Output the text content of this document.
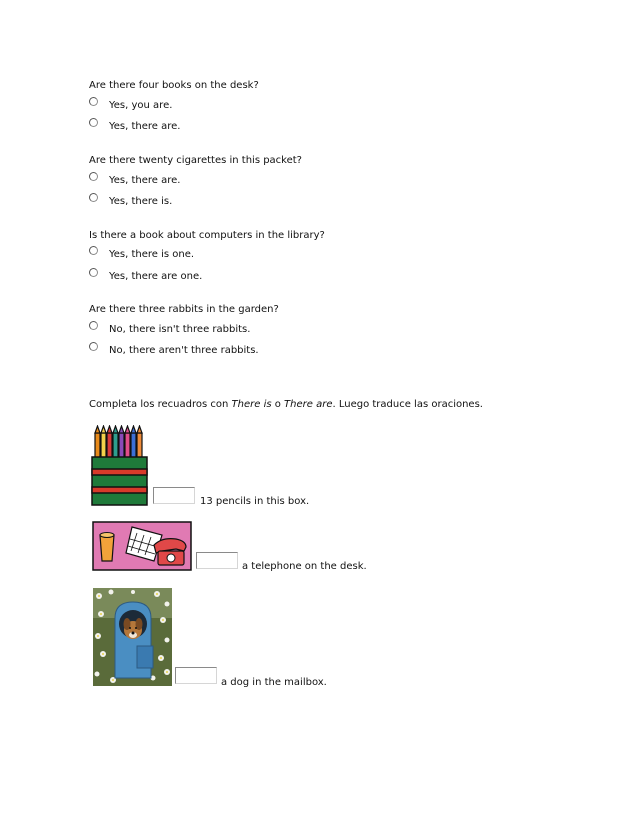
Are there four books on the desk?
Yes, you are.
Yes, there are.
Are there twenty cigarettes in this packet?
Yes, there are.
Yes, there is.
Is there a book about computers in the library?
Yes, there is one.
Yes, there are one.
Are there three rabbits in the garden?
No, there isn't three rabbits.
No, there aren't three rabbits.
Completa los recuadros con There is o There are. Luego traduce las oraciones.
13 pencils in this box.
a telephone on the desk.
a dog in the mailbox.
